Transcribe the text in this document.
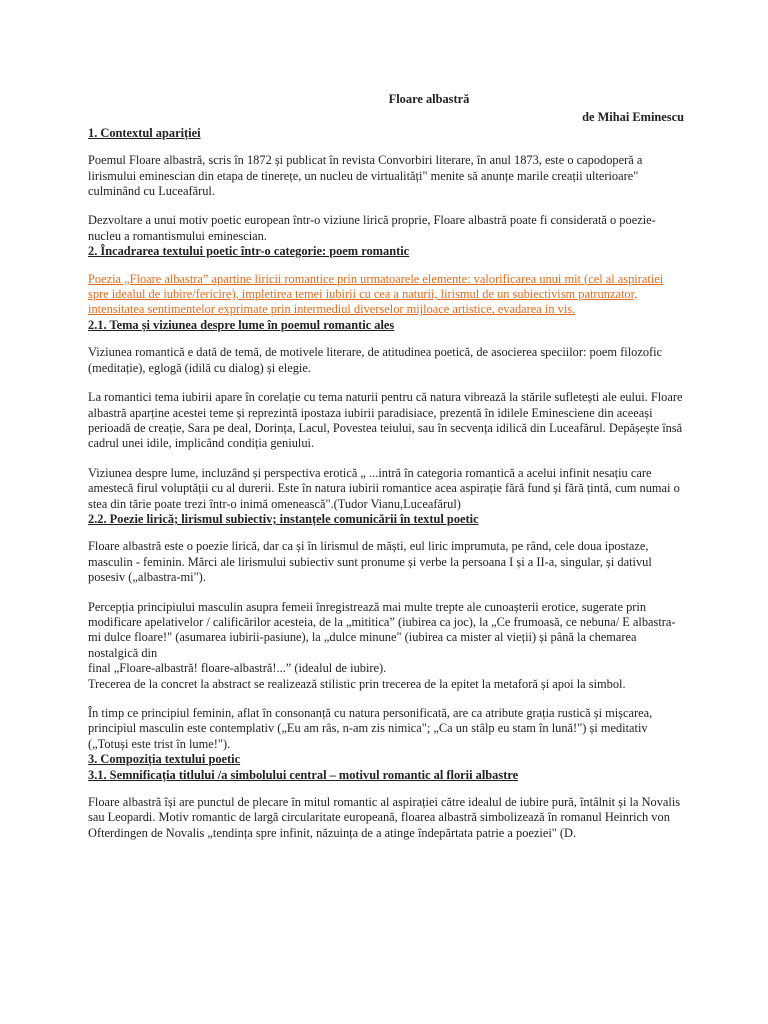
Floare albastră

de Mihai Eminescu

1. Contextul apariției

Poemul Floare albastră, scris în 1872 și publicat în revista Convorbiri literare, în anul 1873, este o capodoperă a lirismului eminescian din etapa de tinerețe, un nucleu de virtualități" menite să anunțe marile creații ulterioare" culminând cu Luceafărul.

Dezvoltare a unui motiv poetic european într-o viziune lirică proprie, Floare albastră poate fi considerată o poezie-nucleu a romantismului eminescian.

2. Încadrarea textului poetic într-o categorie: poem romantic

Poezia „Floare albastra” apartine liricii romantice prin urmatoarele elemente: valorificarea unui mit (cel al aspiratiei spre idealul de iubire/fericire), impletirea temei iubirii cu cea a naturii, lirismul de un subiectivism patrunzator, intensitatea sentimentelor exprimate prin intermediul diverselor mijloace artistice, evadarea in vis.

2.1. Tema și viziunea despre lume în poemul romantic ales

Viziunea romantică e dată de temă, de motivele literare, de atitudinea poetică, de asocierea speciilor: poem filozofic (meditație), eglogă (idilă cu dialog) și elegie.

La romantici tema iubirii apare în corelație cu tema naturii pentru că natura vibrează la stările sufletești ale eului. Floare albastră aparține acestei teme și reprezintă ipostaza iubirii paradisiace, prezentă în idilele Eminesciene din aceeași perioadă de creație, Sara pe deal, Dorința, Lacul, Povestea teiului, sau în secvența idilică din Luceafărul. Depășește însă cadrul unei idile, implicând condiția geniului.

Viziunea despre lume, incluzând și perspectiva erotică „ ...intră în categoria romantică a acelui infinit nesațiu care amestecă firul voluptății cu al durerii. Este în natura iubirii romantice acea aspirație fără fund și fără țintă, cum numai o stea din tărie poate trezi într-o inimă omenească".(Tudor Vianu,Luceafărul)

2.2. Poezie lirică; lirismul subiectiv; instanțele comunicării în textul poetic

Floare albastră este o poezie lirică, dar ca și în lirismul de măști, eul liric imprumuta, pe rând, cele doua ipostaze, masculin - feminin. Mărci ale lirismului subiectiv sunt pronume și verbe la persoana I și a II-a, singular, și dativul posesiv („albastra-mi").

Percepția principiului masculin asupra femeii înregistrează mai multe trepte ale cunoașterii erotice, sugerate prin modificare apelativelor / calificărilor acesteia, de la „mititica” (iubirea ca joc), la „Ce frumoasă, ce nebuna/ E albastra-mi dulce floare!" (asumarea iubirii-pasiune), la „dulce minune" (iubirea ca mister al vieții) și până la chemarea nostalgică din

final „Floare-albastră! floare-albastră!...” (idealul de iubire).

Trecerea de la concret la abstract se realizează stilistic prin trecerea de la epitet la metaforă și apoi la simbol.

În timp ce principiul feminin, aflat în consonanță cu natura personificată, are ca atribute grația rustică și mișcarea, principiul masculin este contemplativ („Eu am râs, n-am zis nimica"; „Ca un stâlp eu stam în lună!") și meditativ („Totuși este trist în lume!").

3. Compoziția textului poetic
3.1. Semnificația titlului /a simbolului central – motivul romantic al florii albastre

Floare albastră își are punctul de plecare în mitul romantic al aspirației către idealul de iubire pură, întâlnit și la Novalis sau Leopardi. Motiv romantic de largă circularitate europeană, floarea albastră simbolizează în romanul Heinrich von Ofterdingen de Novalis „tendința spre infinit, năzuința de a atinge îndepărtata patrie a poeziei" (D.
